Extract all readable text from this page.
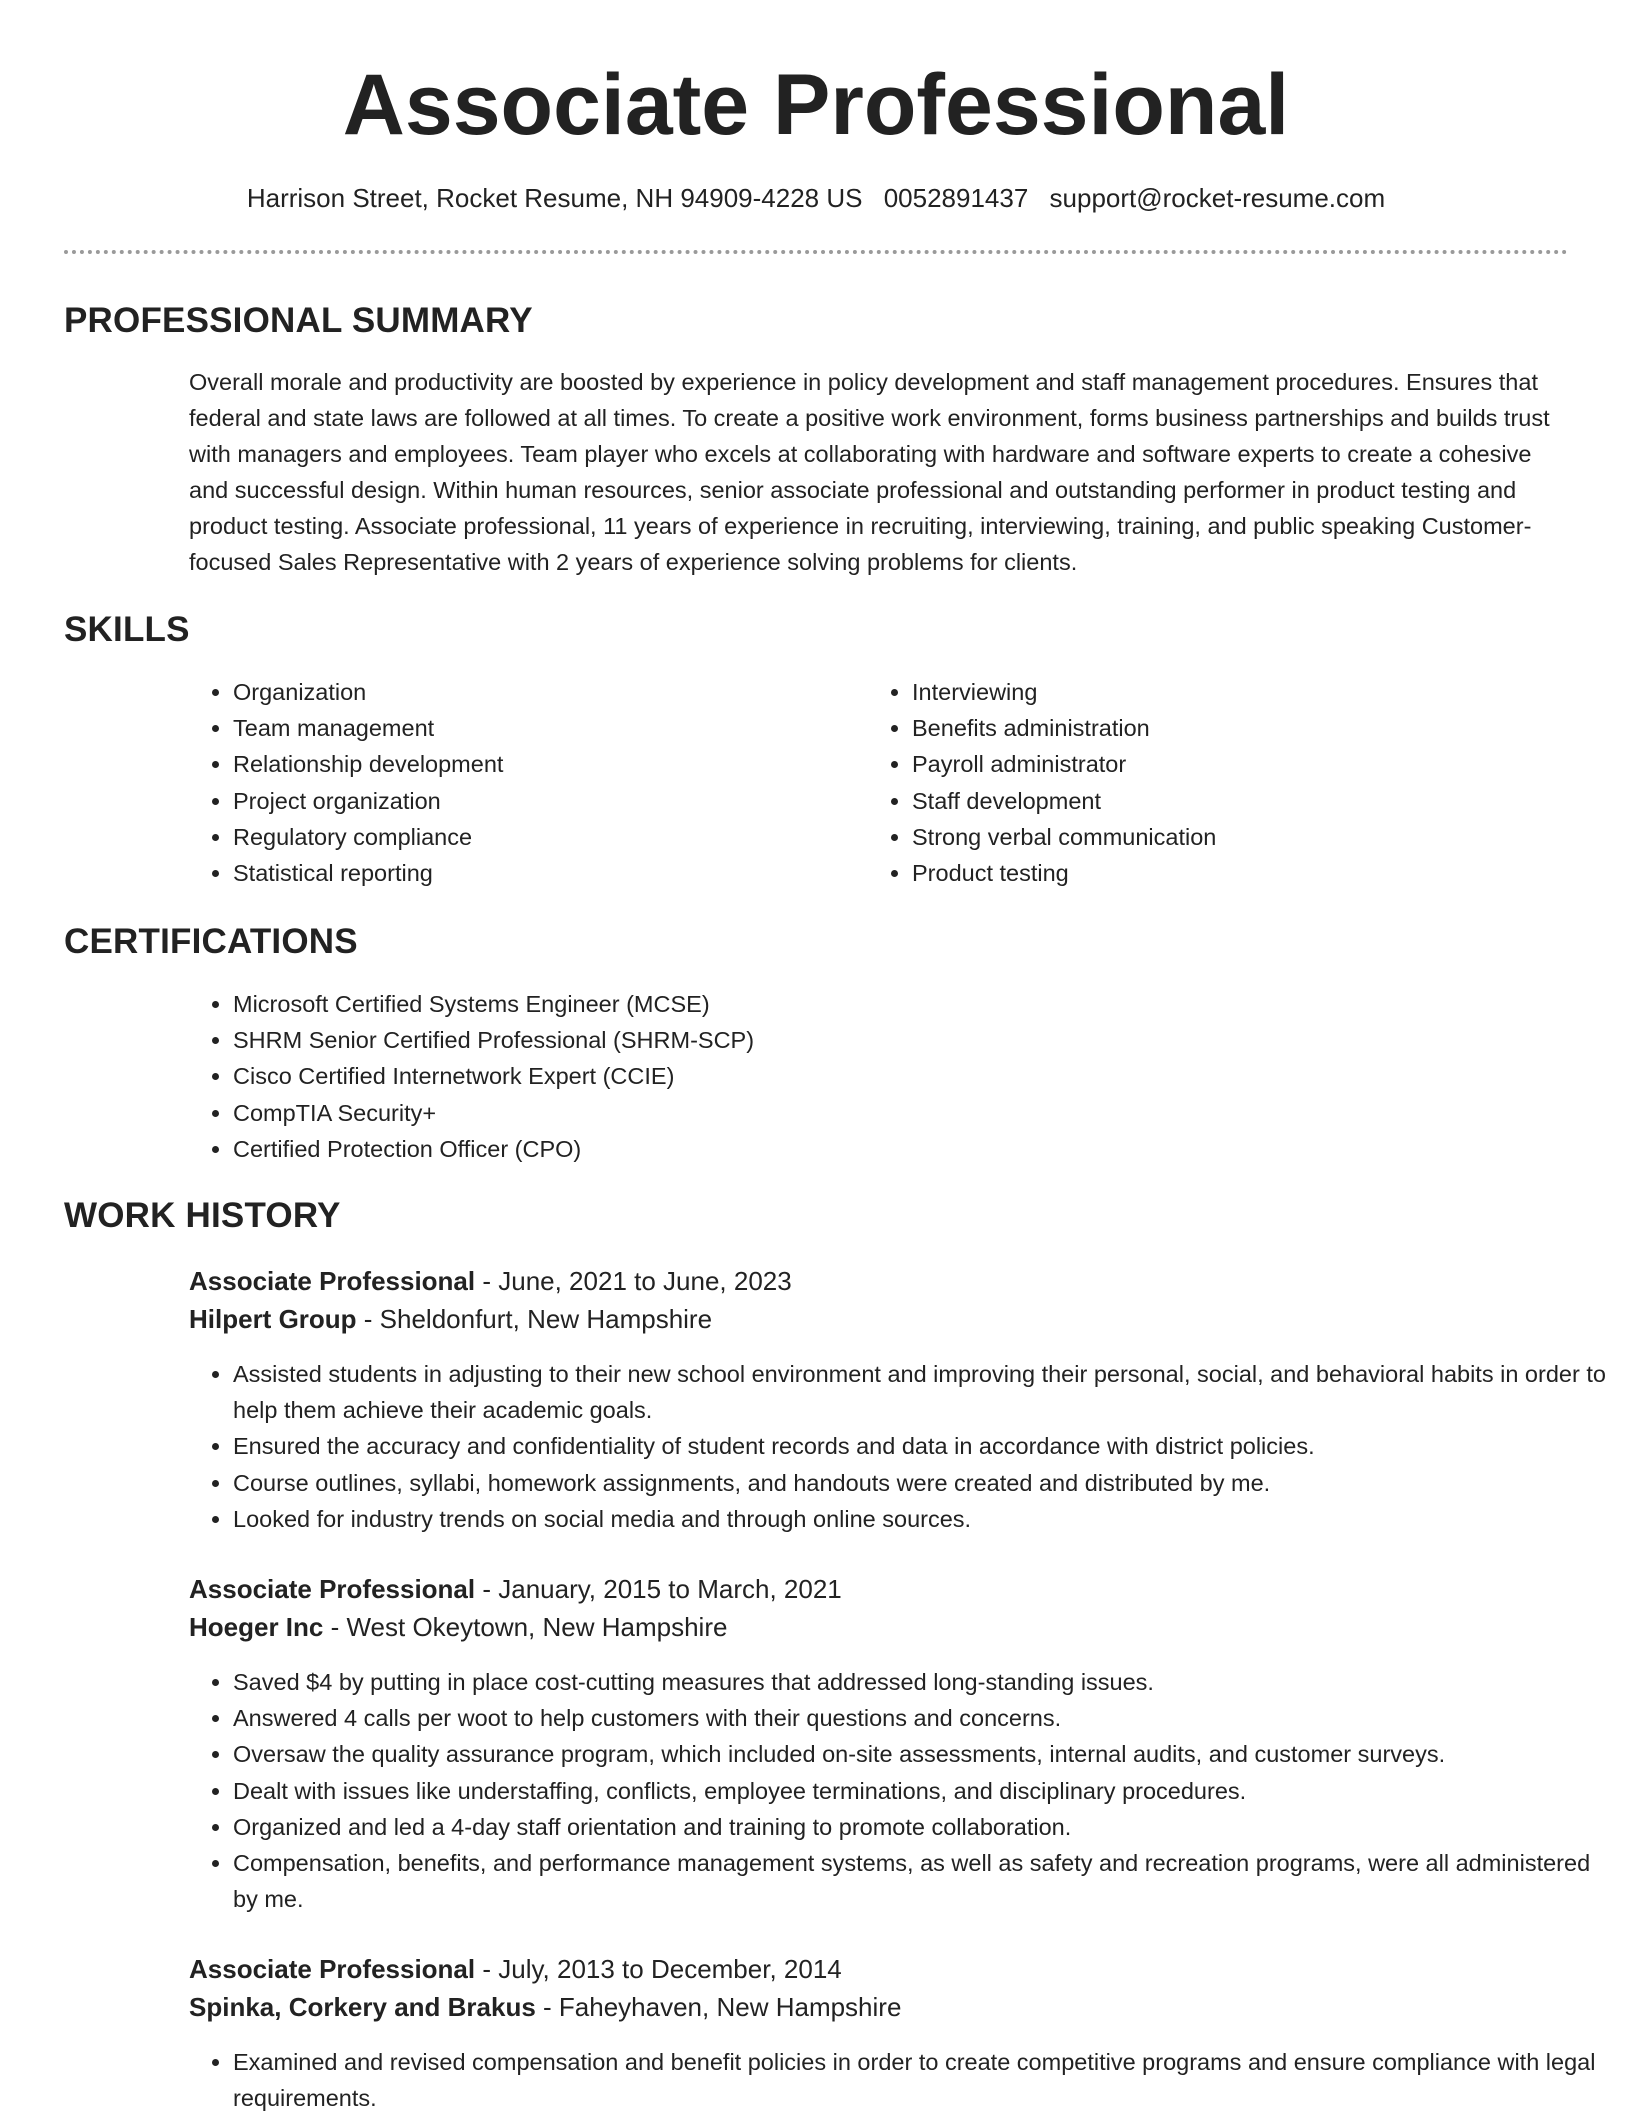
Associate Professional
Harrison Street, Rocket Resume, NH 94909-4228 US 0052891437 support@rocket-resume.com
PROFESSIONAL SUMMARY

Overall morale and productivity are boosted by experience in policy development and staff management procedures. Ensures that federal and state laws are followed at all times. To create a positive work environment, forms business partnerships and builds trust with managers and employees. Team player who excels at collaborating with hardware and software experts to create a cohesive and successful design. Within human resources, senior associate professional and outstanding performer in product testing and product testing. Associate professional, 11 years of experience in recruiting, interviewing, training, and public speaking Customer-focused Sales Representative with 2 years of experience solving problems for clients.

SKILLS
• Organization
• Team management
• Relationship development
• Project organization
• Regulatory compliance
• Statistical reporting
• Interviewing
• Benefits administration
• Payroll administrator
• Staff development
• Strong verbal communication
• Product testing
CERTIFICATIONS
• Microsoft Certified Systems Engineer (MCSE)
• SHRM Senior Certified Professional (SHRM-SCP)
• Cisco Certified Internetwork Expert (CCIE)
• CompTIA Security+
• Certified Protection Officer (CPO)
WORK HISTORY
Associate Professional - June, 2021 to June, 2023
Hilpert Group - Sheldonfurt, New Hampshire
• Assisted students in adjusting to their new school environment and improving their personal, social, and behavioral habits in order to help them achieve their academic goals.
• Ensured the accuracy and confidentiality of student records and data in accordance with district policies.
• Course outlines, syllabi, homework assignments, and handouts were created and distributed by me.
• Looked for industry trends on social media and through online sources.
Associate Professional - January, 2015 to March, 2021
Hoeger Inc - West Okeytown, New Hampshire
• Saved $4 by putting in place cost-cutting measures that addressed long-standing issues.
• Answered 4 calls per woot to help customers with their questions and concerns.
• Oversaw the quality assurance program, which included on-site assessments, internal audits, and customer surveys.
• Dealt with issues like understaffing, conflicts, employee terminations, and disciplinary procedures.
• Organized and led a 4-day staff orientation and training to promote collaboration.
• Compensation, benefits, and performance management systems, as well as safety and recreation programs, were all administered by me.
Associate Professional - July, 2013 to December, 2014
Spinka, Corkery and Brakus - Faheyhaven, New Hampshire
• Examined and revised compensation and benefit policies in order to create competitive programs and ensure compliance with legal requirements.
